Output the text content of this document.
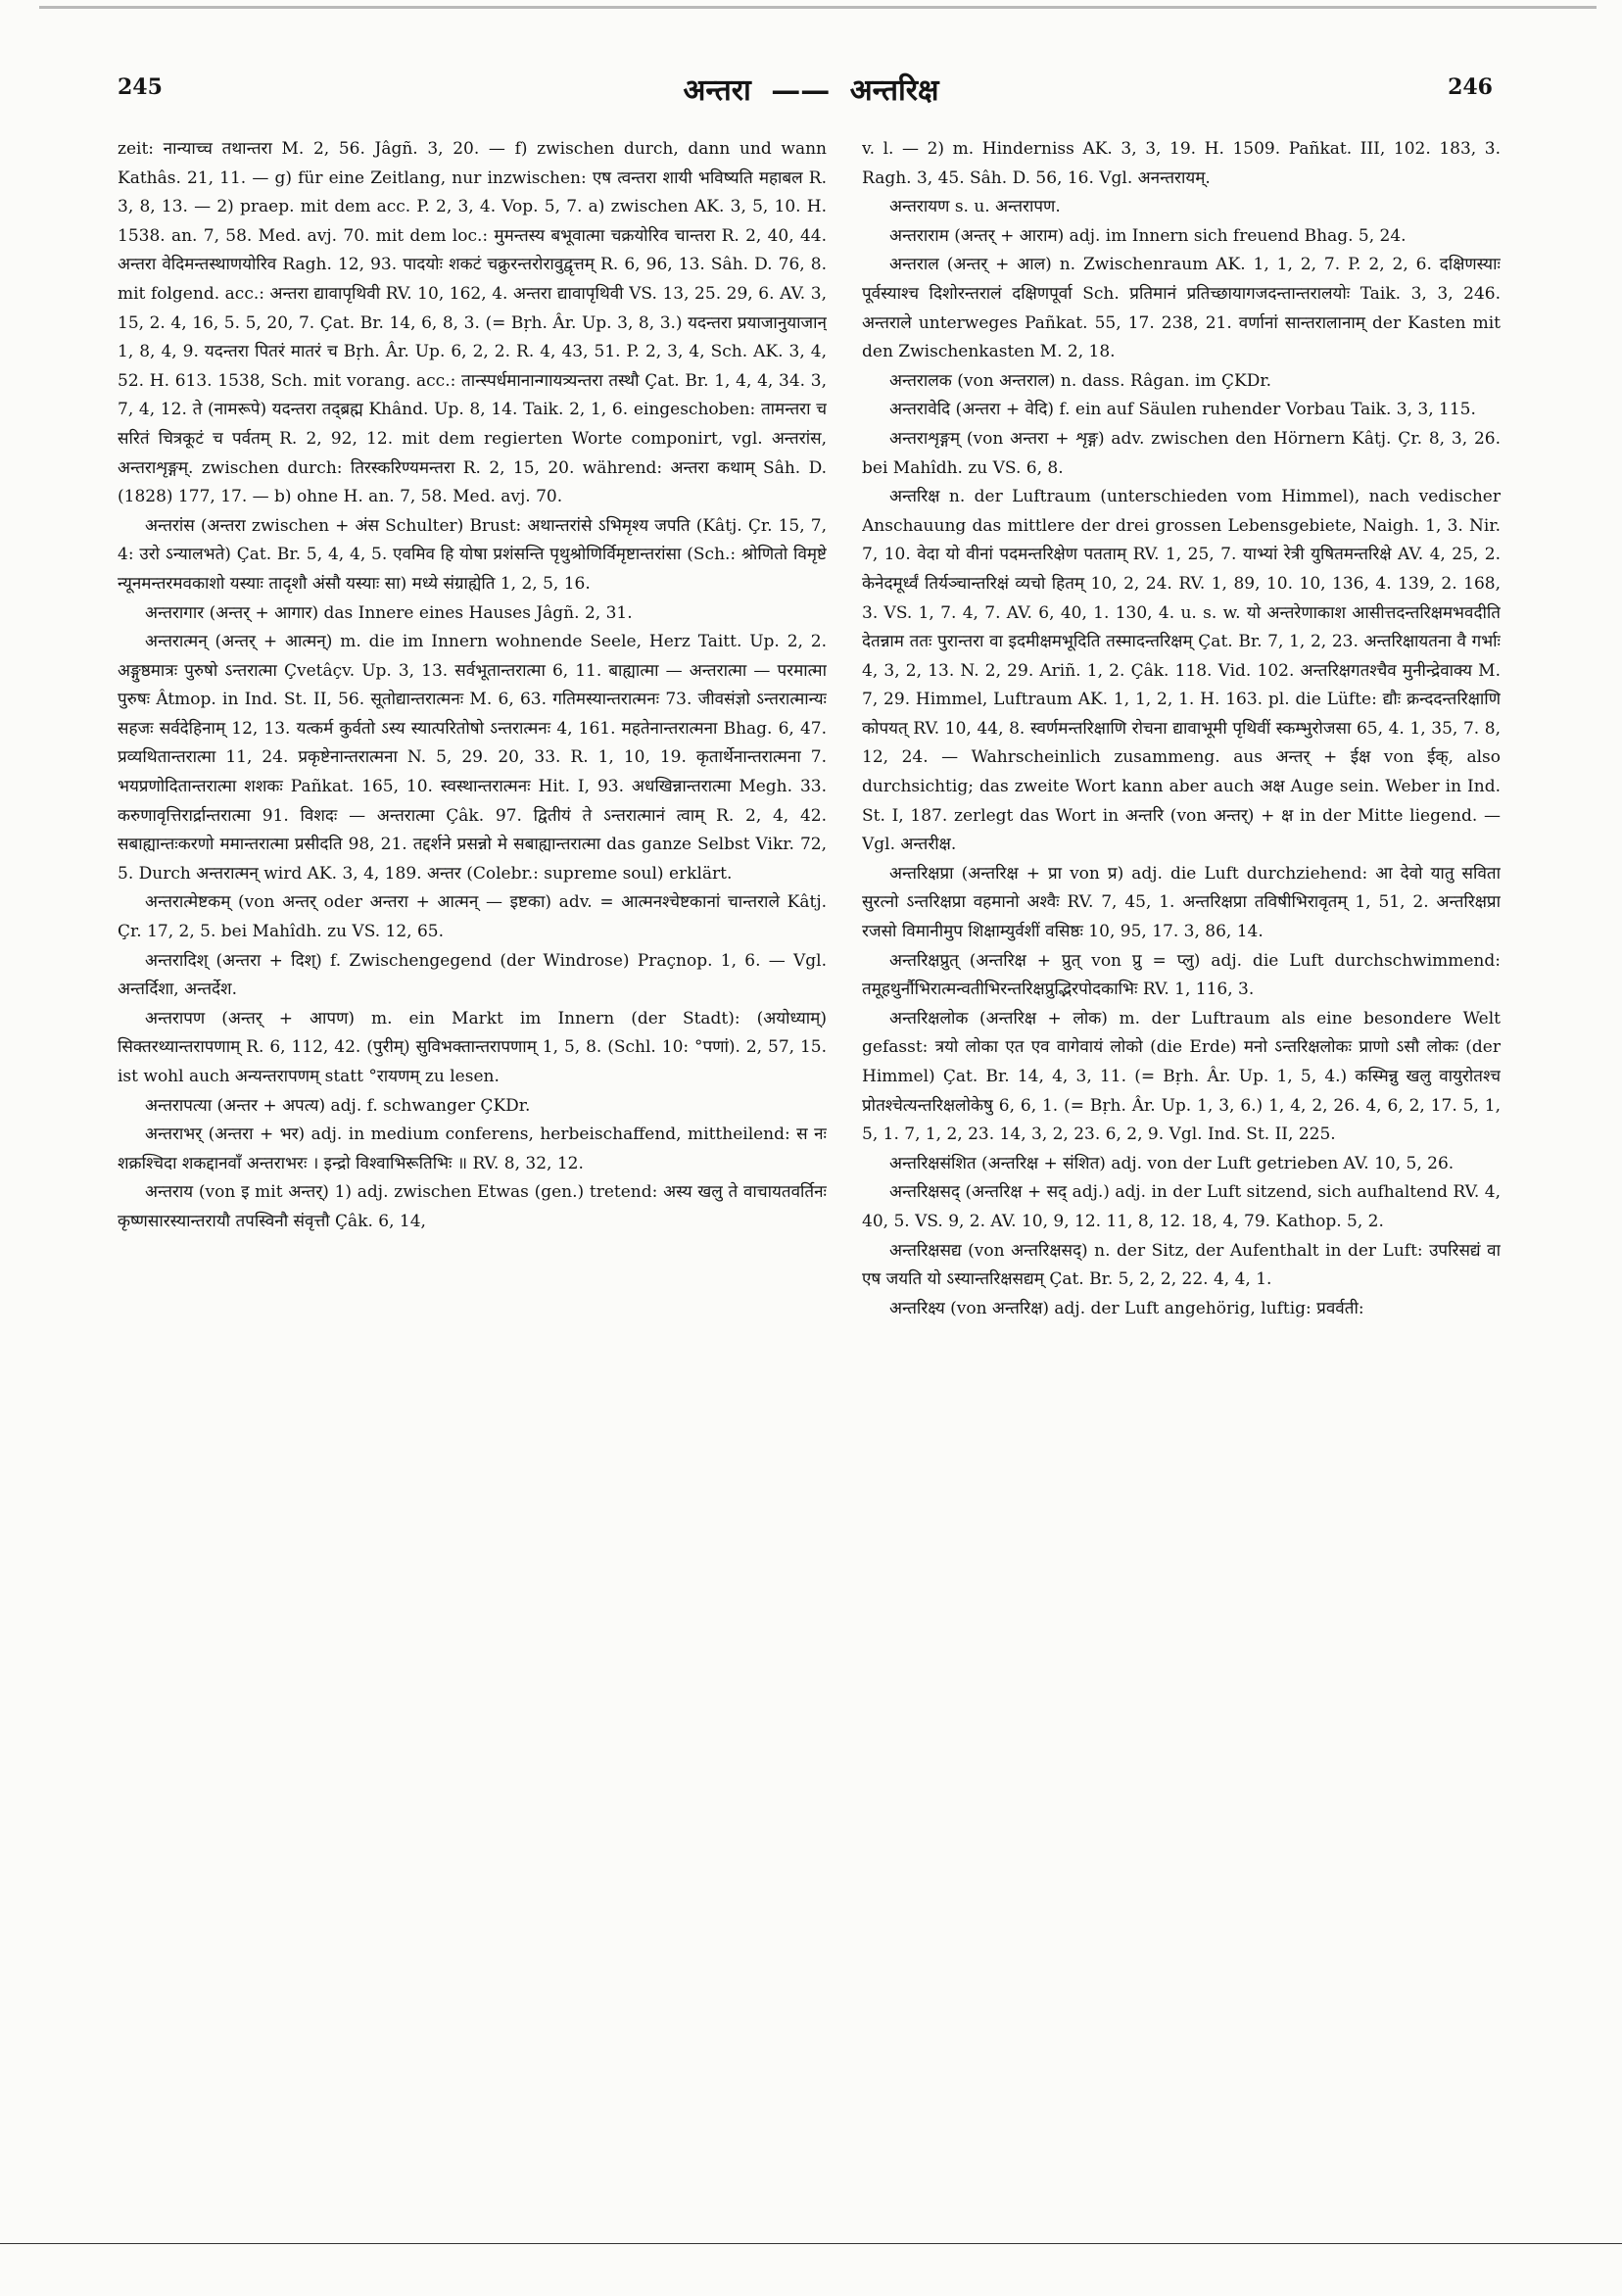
245	अन्तरा —— अन्तरिक्ष	246

zeit: नान्याच्च तथान्तरा M. 2, 56. Jâgñ. 3, 20. — f) zwischen durch, dann und wann Kathâs. 21, 11. — g) für eine Zeitlang, nur inzwischen: एष त्वन्तरा शायी भविष्यति महाबल R. 3, 8, 13. — 2) praep. mit dem acc. P. 2, 3, 4. Vop. 5, 7. a) zwischen AK. 3, 5, 10. H. 1538. an. 7, 58. Med. avj. 70. mit dem loc.: मुमन्तस्य बभूवात्मा चक्रयोरिव चान्तरा R. 2, 40, 44. अन्तरा वेदिमन्तस्थाणयोरिव Ragh. 12, 93. पादयोः शकटं चक्रुरन्तरोरावुद्वृत्तम् R. 6, 96, 13. Sâh. D. 76, 8. mit folgend. acc.: अन्तरा द्यावापृथिवी RV. 10, 162, 4. अन्तरा द्यावापृथिवी VS. 13, 25. 29, 6. AV. 3, 15, 2. 4, 16, 5. 5, 20, 7. Çat. Br. 14, 6, 8, 3. (= Bṛh. Âr. Up. 3, 8, 3.) यदन्तरा प्रयाजानुयाजान् 1, 8, 4, 9. यदन्तरा पितरं मातरं च Bṛh. Âr. Up. 6, 2, 2. R. 4, 43, 51. P. 2, 3, 4, Sch. AK. 3, 4, 52. H. 613. 1538, Sch. mit vorang. acc.: तान्स्पर्धमानान्गायत्र्यन्तरा तस्थौ Çat. Br. 1, 4, 4, 34. 3, 7, 4, 12. ते (नामरूपे) यदन्तरा तद्ब्रह्म Khând. Up. 8, 14. Taik. 2, 1, 6. eingeschoben: तामन्तरा च सरितं चित्रकूटं च पर्वतम् R. 2, 92, 12. mit dem regierten Worte componirt, vgl. अन्तरांस, अन्तराशृङ्गम्. zwischen durch: तिरस्करिण्यमन्तरा R. 2, 15, 20. während: अन्तरा कथाम् Sâh. D. (1828) 177, 17. — b) ohne H. an. 7, 58. Med. avj. 70.

अन्तरांस (अन्तरा zwischen + अंस Schulter) Brust: अथान्तरांसे ऽभिमृश्य जपति (Kâtj. Çr. 15, 7, 4: उरो ऽन्यालभते) Çat. Br. 5, 4, 4, 5. एवमिव हि योषा प्रशंसन्ति पृथुश्रोणिर्विमृष्टान्तरांसा (Sch.: श्रोणितो विमृष्टे न्यूनमन्तरमवकाशो यस्याः तादृशौ अंसौ यस्याः सा) मध्ये संग्राह्येति 1, 2, 5, 16.

अन्तरागार (अन्तर् + आगार) das Innere eines Hauses Jâgñ. 2, 31.

अन्तरात्मन् (अन्तर् + आत्मन्) m. die im Innern wohnende Seele, Herz Taitt. Up. 2, 2. अङ्गुष्ठमात्रः पुरुषो ऽन्तरात्मा Çvetâçv. Up. 3, 13. सर्वभूतान्तरात्मा 6, 11. बाह्यात्मा — अन्तरात्मा — परमात्मा पुरुषः Âtmop. in Ind. St. II, 56. सूतोद्यान्तरात्मनः M. 6, 63. गतिमस्यान्तरात्मनः 73. जीवसंज्ञो ऽन्तरात्मान्यः सहजः सर्वदेहिनाम् 12, 13. यत्कर्म कुर्वतो ऽस्य स्यात्परितोषो ऽन्तरात्मनः 4, 161. महतेनान्तरात्मना Bhag. 6, 47. प्रव्यथितान्तरात्मा 11, 24. प्रकृष्टेनान्तरात्मना N. 5, 29. 20, 33. R. 1, 10, 19. कृतार्थेनान्तरात्मना 7. भयप्रणोदितान्तरात्मा शशकः Pañkat. 165, 10. स्वस्थान्तरात्मनः Hit. I, 93. अधखिन्नान्तरात्मा Megh. 33. करुणावृत्तिरार्द्रान्तरात्मा 91. विशदः — अन्तरात्मा Çâk. 97. द्वितीयं ते ऽन्तरात्मानं त्वाम् R. 2, 4, 42. सबाह्यान्तःकरणो ममान्तरात्मा प्रसीदति 98, 21. तद्दर्शने प्रसन्नो मे सबाह्यान्तरात्मा das ganze Selbst Vikr. 72, 5. Durch अन्तरात्मन् wird AK. 3, 4, 189. अन्तर (Colebr.: supreme soul) erklärt.

अन्तरात्मेष्टकम् (von अन्तर् oder अन्तरा + आत्मन् — इष्टका) adv. = आत्मनश्चेष्टकानां चान्तराले Kâtj. Çr. 17, 2, 5. bei Mahîdh. zu VS. 12, 65.

अन्तरादिश् (अन्तरा + दिश्) f. Zwischengegend (der Windrose) Praçnop. 1, 6. — Vgl. अन्तर्दिशा, अन्तर्देश.

अन्तरापण (अन्तर् + आपण) m. ein Markt im Innern (der Stadt): (अयोध्याम्) सिक्तरथ्यान्तरापणाम् R. 6, 112, 42. (पुरीम्) सुविभक्तान्तरापणाम् 1, 5, 8. (Schl. 10: °पणां). 2, 57, 15. ist wohl auch अन्यन्तरापणम् statt °रायणम् zu lesen.

अन्तरापत्या (अन्तर + अपत्य) adj. f. schwanger ÇKDr.

अन्तराभर् (अन्तरा + भर) adj. in medium conferens, herbeischaffend, mittheilend: स नः शक्रश्चिदा शकद्दानवाँ अन्तराभरः । इन्द्रो विश्वाभिरूतिभिः ॥ RV. 8, 32, 12.

अन्तराय (von इ mit अन्तर्) 1) adj. zwischen Etwas (gen.) tretend: अस्य खलु ते वाचायतवर्तिनः कृष्णसारस्यान्तरायौ तपस्विनौ संवृत्तौ Çâk. 6, 14,

v. l. — 2) m. Hinderniss AK. 3, 3, 19. H. 1509. Pañkat. III, 102. 183, 3. Ragh. 3, 45. Sâh. D. 56, 16. Vgl. अनन्तरायम्.

अन्तरायण s. u. अन्तरापण.

अन्तराराम (अन्तर् + आराम) adj. im Innern sich freuend Bhag. 5, 24.

अन्तराल (अन्तर् + आल) n. Zwischenraum AK. 1, 1, 2, 7. P. 2, 2, 6. दक्षिणस्याः पूर्वस्याश्च दिशोरन्तरालं दक्षिणपूर्वा Sch. प्रतिमानं प्रतिच्छायागजदन्तान्तरालयोः Taik. 3, 3, 246. अन्तराले unterweges Pañkat. 55, 17. 238, 21. वर्णानां सान्तरालानाम् der Kasten mit den Zwischenkasten M. 2, 18.

अन्तरालक (von अन्तराल) n. dass. Râgan. im ÇKDr.

अन्तरावेदि (अन्तरा + वेदि) f. ein auf Säulen ruhender Vorbau Taik. 3, 3, 115.

अन्तराशृङ्गम् (von अन्तरा + शृङ्ग) adv. zwischen den Hörnern Kâtj. Çr. 8, 3, 26. bei Mahîdh. zu VS. 6, 8.

अन्तरिक्ष n. der Luftraum (unterschieden vom Himmel), nach vedischer Anschauung das mittlere der drei grossen Lebensgebiete, Naigh. 1, 3. Nir. 7, 10. वेदा यो वीनां पदमन्तरिक्षेण पतताम् RV. 1, 25, 7. याभ्यां रेत्री युषितमन्तरिक्षे AV. 4, 25, 2. केनेदमूर्ध्वं तिर्यञ्चान्तरिक्षं व्यचो हितम् 10, 2, 24. RV. 1, 89, 10. 10, 136, 4. 139, 2. 168, 3. VS. 1, 7. 4, 7. AV. 6, 40, 1. 130, 4. u. s. w. यो अन्तरेणाकाश आसीत्तदन्तरिक्षमभवदीति देतन्नाम ततः पुरान्तरा वा इदमीक्षमभूदिति तस्मादन्तरिक्षम् Çat. Br. 7, 1, 2, 23. अन्तरिक्षायतना वै गर्भाः 4, 3, 2, 13. N. 2, 29. Ariñ. 1, 2. Çâk. 118. Vid. 102. अन्तरिक्षगतश्चैव मुनीन्द्रेवाक्य M. 7, 29. Himmel, Luftraum AK. 1, 1, 2, 1. H. 163. pl. die Lüfte: द्यौः क्रन्ददन्तरिक्षाणि कोपयत् RV. 10, 44, 8. स्वर्णमन्तरिक्षाणि रोचना द्यावाभूमी पृथिवीं स्कम्भुरोजसा 65, 4. 1, 35, 7. 8, 12, 24. — Wahrscheinlich zusammeng. aus अन्तर् + ईक्ष von ईक्, also durchsichtig; das zweite Wort kann aber auch अक्ष Auge sein. Weber in Ind. St. I, 187. zerlegt das Wort in अन्तरि (von अन्तर्) + क्ष in der Mitte liegend. — Vgl. अन्तरीक्ष.

अन्तरिक्षप्रा (अन्तरिक्ष + प्रा von प्र) adj. die Luft durchziehend: आ देवो यातु सविता सुरत्नो ऽन्तरिक्षप्रा वहमानो अश्वैः RV. 7, 45, 1. अन्तरिक्षप्रा तविषीभिरावृतम् 1, 51, 2. अन्तरिक्षप्रा रजसो विमानीमुप शिक्षाम्युर्वशीं वसिष्ठः 10, 95, 17. 3, 86, 14.

अन्तरिक्षप्रुत् (अन्तरिक्ष + प्रुत् von प्रु = प्लु) adj. die Luft durchschwimmend: तमूहथुर्नौभिरात्मन्वतीभिरन्तरिक्षप्रुद्भिरपोदकाभिः RV. 1, 116, 3.

अन्तरिक्षलोक (अन्तरिक्ष + लोक) m. der Luftraum als eine besondere Welt gefasst: त्रयो लोका एत एव वागेवायं लोको (die Erde) मनो ऽन्तरिक्षलोकः प्राणो ऽसौ लोकः (der Himmel) Çat. Br. 14, 4, 3, 11. (= Bṛh. Âr. Up. 1, 5, 4.) कस्मिन्नु खलु वायुरोतश्च प्रोतश्चेत्यन्तरिक्षलोकेषु 6, 6, 1. (= Bṛh. Âr. Up. 1, 3, 6.) 1, 4, 2, 26. 4, 6, 2, 17. 5, 1, 5, 1. 7, 1, 2, 23. 14, 3, 2, 23. 6, 2, 9. Vgl. Ind. St. II, 225.

अन्तरिक्षसंशित (अन्तरिक्ष + संशित) adj. von der Luft getrieben AV. 10, 5, 26.

अन्तरिक्षसद् (अन्तरिक्ष + सद् adj.) adj. in der Luft sitzend, sich aufhaltend RV. 4, 40, 5. VS. 9, 2. AV. 10, 9, 12. 11, 8, 12. 18, 4, 79. Kathop. 5, 2.

अन्तरिक्षसद्य (von अन्तरिक्षसद्) n. der Sitz, der Aufenthalt in der Luft: उपरिसद्यं वा एष जयति यो ऽस्यान्तरिक्षसद्यम् Çat. Br. 5, 2, 2, 22. 4, 4, 1.

अन्तरिक्ष्य (von अन्तरिक्ष) adj. der Luft angehörig, luftig: प्रवर्वती:
